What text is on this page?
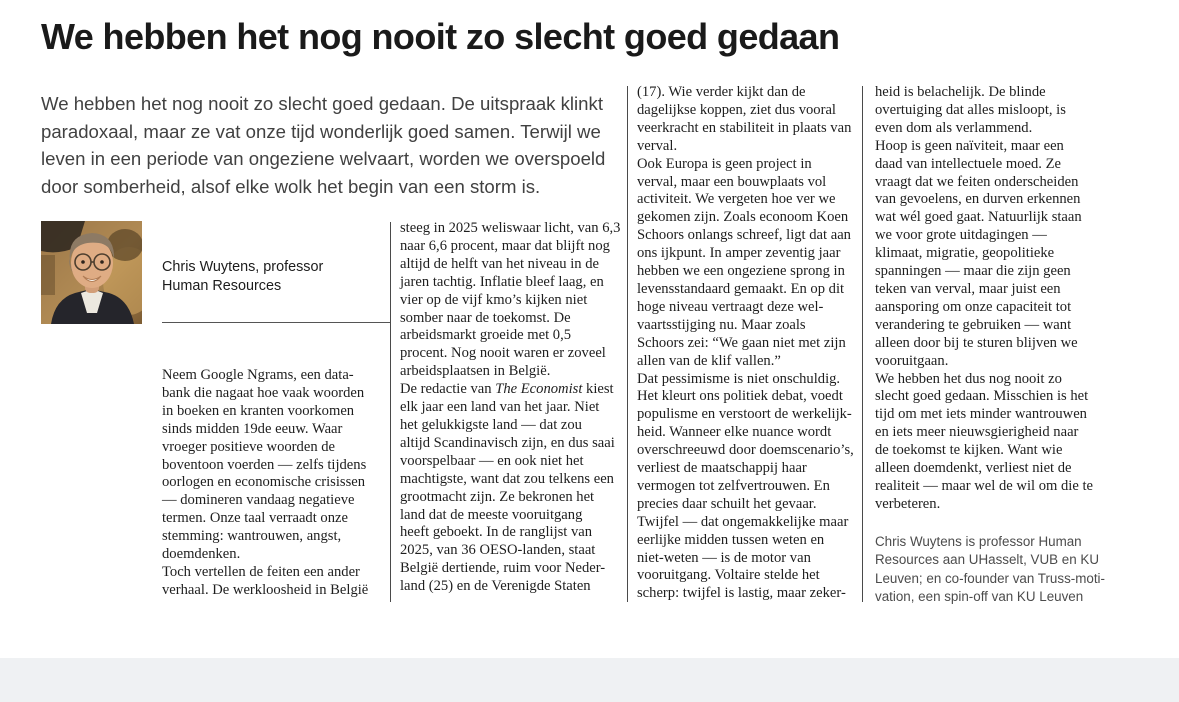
We hebben het nog nooit zo slecht goed gedaan
We hebben het nog nooit zo slecht goed gedaan. De uitspraak klinkt
paradoxaal, maar ze vat onze tijd wonderlijk goed samen. Terwijl we
leven in een periode van ongeziene welvaart, worden we overspoeld
door somberheid, alsof elke wolk het begin van een storm is.
Chris Wuytens, professor
Human Resources
Neem Google Ngrams, een data-
bank die nagaat hoe vaak woorden
in boeken en kranten voorkomen
sinds midden 19de eeuw. Waar
vroeger positieve woorden de
boventoon voerden — zelfs tijdens
oorlogen en economische crisissen
— domineren vandaag negatieve
termen. Onze taal verraadt onze
stemming: wantrouwen, angst,
doemdenken.
Toch vertellen de feiten een ander
verhaal. De werkloosheid in België
steeg in 2025 weliswaar licht, van 6,3
naar 6,6 procent, maar dat blijft nog
altijd de helft van het niveau in de
jaren tachtig. Inflatie bleef laag, en
vier op de vijf kmo’s kijken niet
somber naar de toekomst. De
arbeidsmarkt groeide met 0,5
procent. Nog nooit waren er zoveel
arbeidsplaatsen in België.
De redactie van The Economist kiest
elk jaar een land van het jaar. Niet
het gelukkigste land — dat zou
altijd Scandinavisch zijn, en dus saai
voorspelbaar — en ook niet het
machtigste, want dat zou telkens een
grootmacht zijn. Ze bekronen het
land dat de meeste vooruitgang
heeft geboekt. In de ranglijst van
2025, van 36 OESO-landen, staat
België dertiende, ruim voor Neder-
land (25) en de Verenigde Staten
(17). Wie verder kijkt dan de
dagelijkse koppen, ziet dus vooral
veerkracht en stabiliteit in plaats van
verval.
Ook Europa is geen project in
verval, maar een bouwplaats vol
activiteit. We vergeten hoe ver we
gekomen zijn. Zoals econoom Koen
Schoors onlangs schreef, ligt dat aan
ons ijkpunt. In amper zeventig jaar
hebben we een ongeziene sprong in
levensstandaard gemaakt. En op dit
hoge niveau vertraagt deze wel-
vaartsstijging nu. Maar zoals
Schoors zei: “We gaan niet met zijn
allen van de klif vallen.”
Dat pessimisme is niet onschuldig.
Het kleurt ons politiek debat, voedt
populisme en verstoort de werkelijk-
heid. Wanneer elke nuance wordt
overschreeuwd door doemscenario’s,
verliest de maatschappij haar
vermogen tot zelfvertrouwen. En
precies daar schuilt het gevaar.
Twijfel — dat ongemakkelijke maar
eerlijke midden tussen weten en
niet-weten — is de motor van
vooruitgang. Voltaire stelde het
scherp: twijfel is lastig, maar zeker-
heid is belachelijk. De blinde
overtuiging dat alles misloopt, is
even dom als verlammend.
Hoop is geen naïviteit, maar een
daad van intellectuele moed. Ze
vraagt dat we feiten onderscheiden
van gevoelens, en durven erkennen
wat wél goed gaat. Natuurlijk staan
we voor grote uitdagingen —
klimaat, migratie, geopolitieke
spanningen — maar die zijn geen
teken van verval, maar juist een
aansporing om onze capaciteit tot
verandering te gebruiken — want
alleen door bij te sturen blijven we
vooruitgaan.
We hebben het dus nog nooit zo
slecht goed gedaan. Misschien is het
tijd om met iets minder wantrouwen
en iets meer nieuwsgierigheid naar
de toekomst te kijken. Want wie
alleen doemdenkt, verliest niet de
realiteit — maar wel de wil om die te
verbeteren.
Chris Wuytens is professor Human
Resources aan UHasselt, VUB en KU
Leuven; en co-founder van Truss-moti-
vation, een spin-off van KU Leuven
